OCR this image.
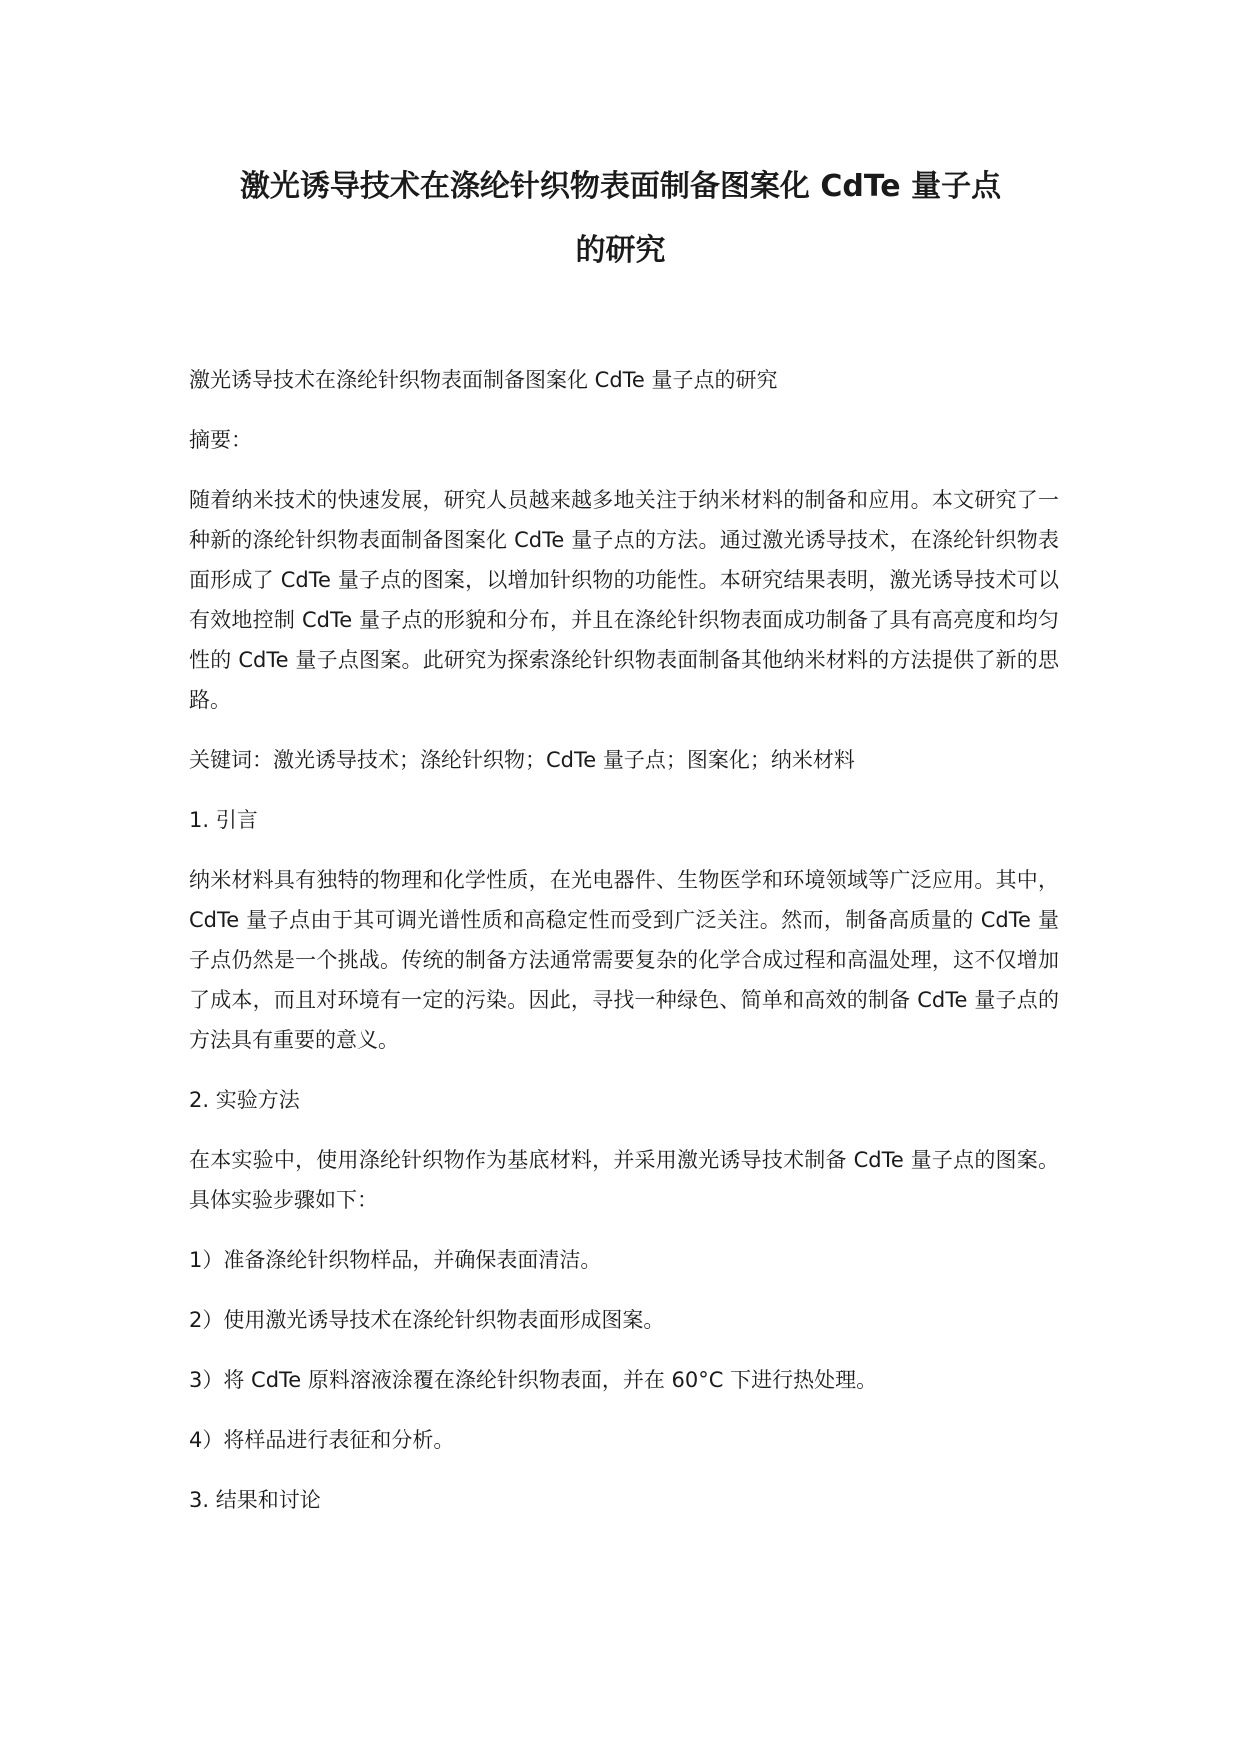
激光诱导技术在涤纶针织物表面制备图案化 CdTe 量子点
的研究

激光诱导技术在涤纶针织物表面制备图案化 CdTe 量子点的研究

摘要：

随着纳米技术的快速发展，研究人员越来越多地关注于纳米材料的制备和应用。本文研究了一种新的涤纶针织物表面制备图案化 CdTe 量子点的方法。通过激光诱导技术，在涤纶针织物表面形成了 CdTe 量子点的图案，以增加针织物的功能性。本研究结果表明，激光诱导技术可以有效地控制 CdTe 量子点的形貌和分布，并且在涤纶针织物表面成功制备了具有高亮度和均匀性的 CdTe 量子点图案。此研究为探索涤纶针织物表面制备其他纳米材料的方法提供了新的思路。

关键词：激光诱导技术；涤纶针织物；CdTe 量子点；图案化；纳米材料

1. 引言

纳米材料具有独特的物理和化学性质，在光电器件、生物医学和环境领域等广泛应用。其中，CdTe 量子点由于其可调光谱性质和高稳定性而受到广泛关注。然而，制备高质量的 CdTe 量子点仍然是一个挑战。传统的制备方法通常需要复杂的化学合成过程和高温处理，这不仅增加了成本，而且对环境有一定的污染。因此，寻找一种绿色、简单和高效的制备 CdTe 量子点的方法具有重要的意义。

2. 实验方法

在本实验中，使用涤纶针织物作为基底材料，并采用激光诱导技术制备 CdTe 量子点的图案。具体实验步骤如下：

1）准备涤纶针织物样品，并确保表面清洁。

2）使用激光诱导技术在涤纶针织物表面形成图案。

3）将 CdTe 原料溶液涂覆在涤纶针织物表面，并在 60°C 下进行热处理。

4）将样品进行表征和分析。

3. 结果和讨论
